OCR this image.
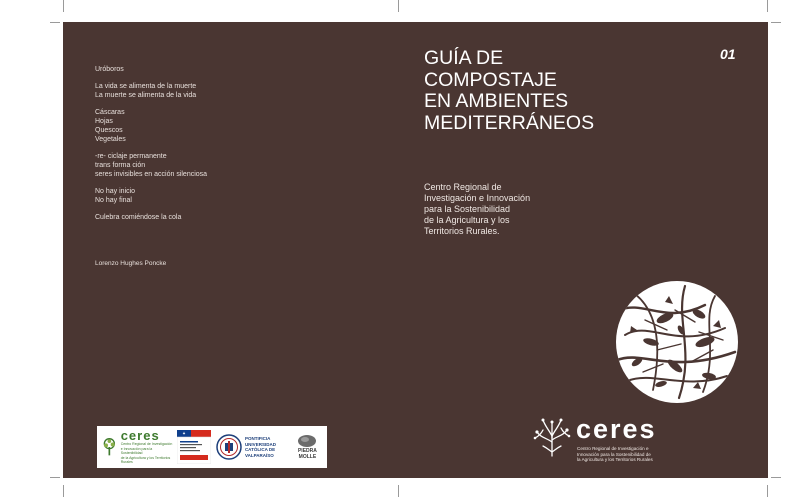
Uróboros
La vida se alimenta de la muerte
La muerte se alimenta de la vida
Cáscaras
Hojas
Quescos
Vegetales
-re- ciclaje permanente
trans forma ción
seres invisibles en acción silenciosa
No hay inicio
No hay final
Culebra comiéndose la cola
Lorenzo Hughes Poncke
ceres
Centro Regional de Investigación
e Innovación para la Sostenibilidad
de la Agricultura y los Territorios Rurales
PONTIFICIA
UNIVERSIDAD
CATÓLICA DE
VALPARAÍSO
PIEDRA
MOLLE
GUÍA DE
COMPOSTAJE
EN AMBIENTES
MEDITERRÁNEOS
01
Centro Regional de
Investigación e Innovación
para la Sostenibilidad
de la Agricultura y los
Territorios Rurales.
ceres
Centro Regional de Investigación e
Innovación para la Sostenibilidad de
la Agricultura y los Territorios Rurales
